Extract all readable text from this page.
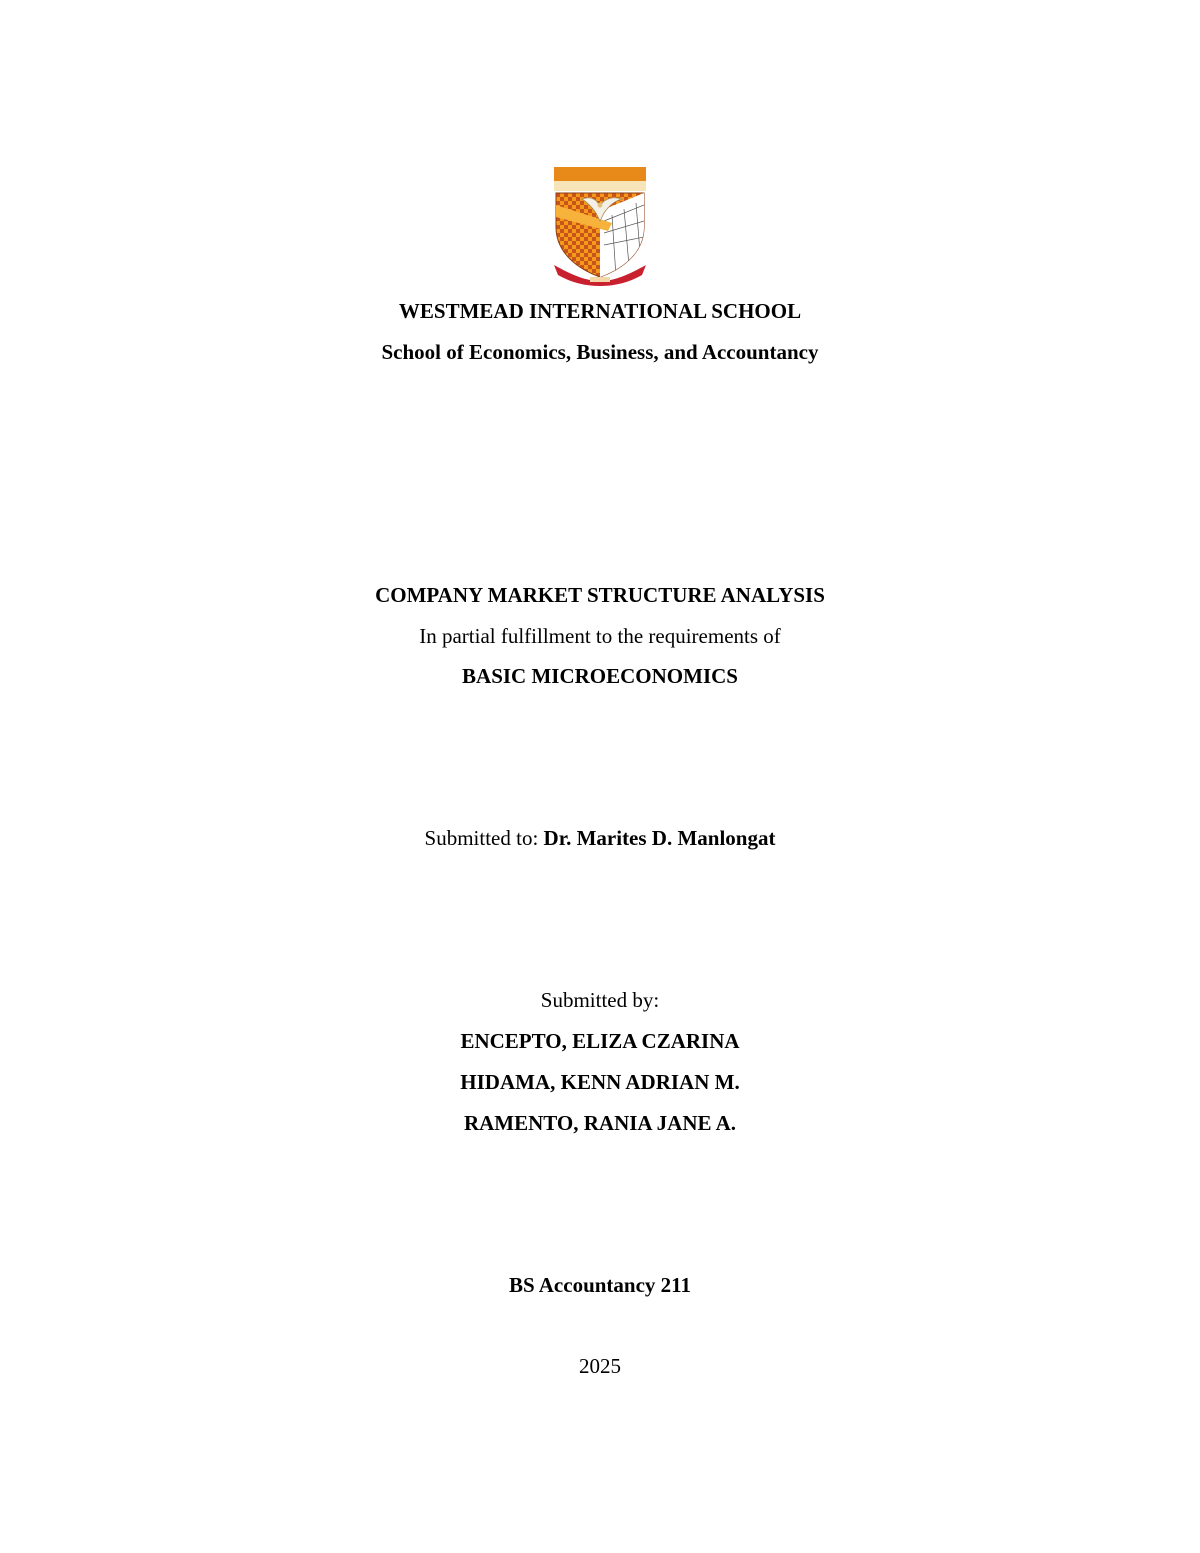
WESTMEAD INTERNATIONAL SCHOOL
School of Economics, Business, and Accountancy
COMPANY MARKET STRUCTURE ANALYSIS
In partial fulfillment to the requirements of
BASIC MICROECONOMICS
Submitted to: Dr. Marites D. Manlongat
Submitted by:
ENCEPTO, ELIZA CZARINA
HIDAMA, KENN ADRIAN M.
RAMENTO, RANIA JANE A.
BS Accountancy 211
2025
